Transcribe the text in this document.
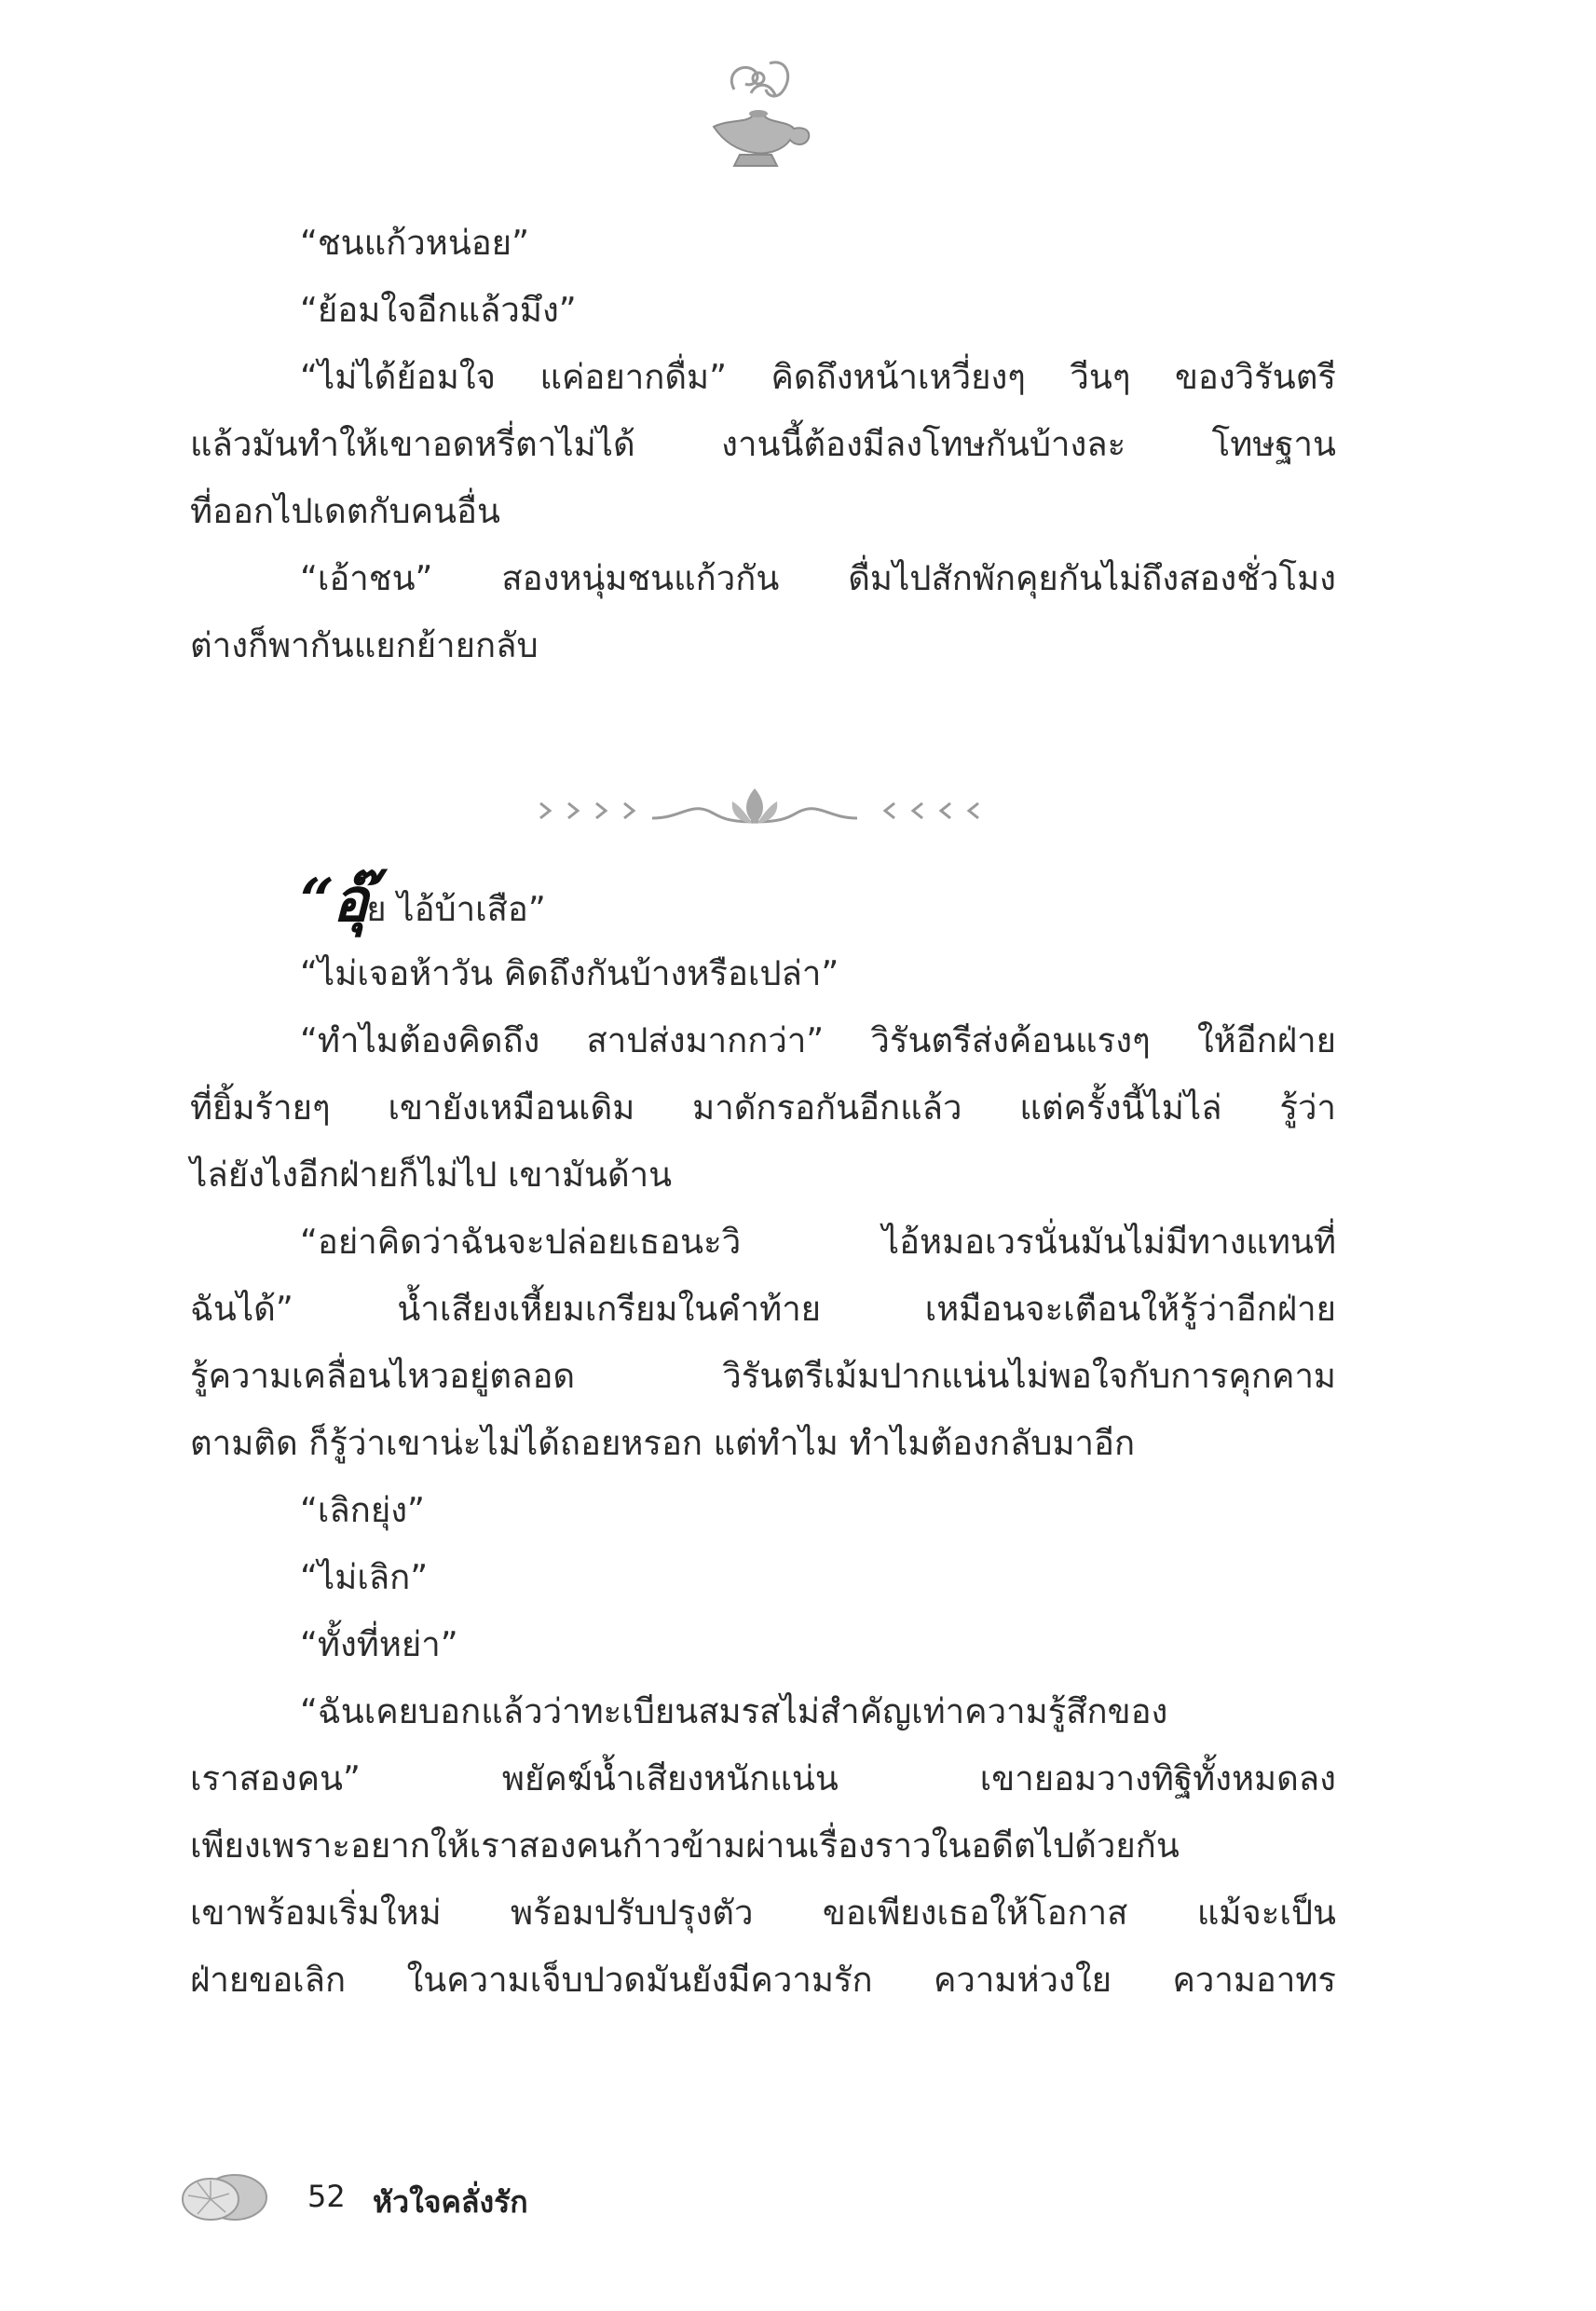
“ชนแก้วหน่อย”
“ย้อมใจอีกแล้วมึง”
“ไม่ได้ย้อมใจ แค่อยากดื่ม” คิดถึงหน้าเหวี่ยงๆ วีนๆ ของวิรันตรี
แล้วมันทำให้เขาอดหรี่ตาไม่ได้ งานนี้ต้องมีลงโทษกันบ้างละ โทษฐาน
ที่ออกไปเดตกับคนอื่น
“เอ้าชน” สองหนุ่มชนแก้วกัน ดื่มไปสักพักคุยกันไม่ถึงสองชั่วโมง
ต่างก็พากันแยกย้ายกลับ
“อุ๊ย ไอ้บ้าเสือ”
“ไม่เจอห้าวัน คิดถึงกันบ้างหรือเปล่า”
“ทำไมต้องคิดถึง สาปส่งมากกว่า” วิรันตรีส่งค้อนแรงๆ ให้อีกฝ่าย
ที่ยิ้มร้ายๆ เขายังเหมือนเดิม มาดักรอกันอีกแล้ว แต่ครั้งนี้ไม่ไล่ รู้ว่า
ไล่ยังไงอีกฝ่ายก็ไม่ไป เขามันด้าน
“อย่าคิดว่าฉันจะปล่อยเธอนะวิ ไอ้หมอเวรนั่นมันไม่มีทางแทนที่
ฉันได้” น้ำเสียงเหี้ยมเกรียมในคำท้าย เหมือนจะเตือนให้รู้ว่าอีกฝ่าย
รู้ความเคลื่อนไหวอยู่ตลอด วิรันตรีเม้มปากแน่นไม่พอใจกับการคุกคาม
ตามติด ก็รู้ว่าเขาน่ะไม่ได้ถอยหรอก แต่ทำไม ทำไมต้องกลับมาอีก
“เลิกยุ่ง”
“ไม่เลิก”
“ทั้งที่หย่า”
“ฉันเคยบอกแล้วว่าทะเบียนสมรสไม่สำคัญเท่าความรู้สึกของ
เราสองคน” พยัคฆ์น้ำเสียงหนักแน่น เขายอมวางทิฐิทั้งหมดลง
เพียงเพราะอยากให้เราสองคนก้าวข้ามผ่านเรื่องราวในอดีตไปด้วยกัน
เขาพร้อมเริ่มใหม่ พร้อมปรับปรุงตัว ขอเพียงเธอให้โอกาส แม้จะเป็น
ฝ่ายขอเลิก ในความเจ็บปวดมันยังมีความรัก ความห่วงใย ความอาทร
52 หัวใจคลั่งรัก
